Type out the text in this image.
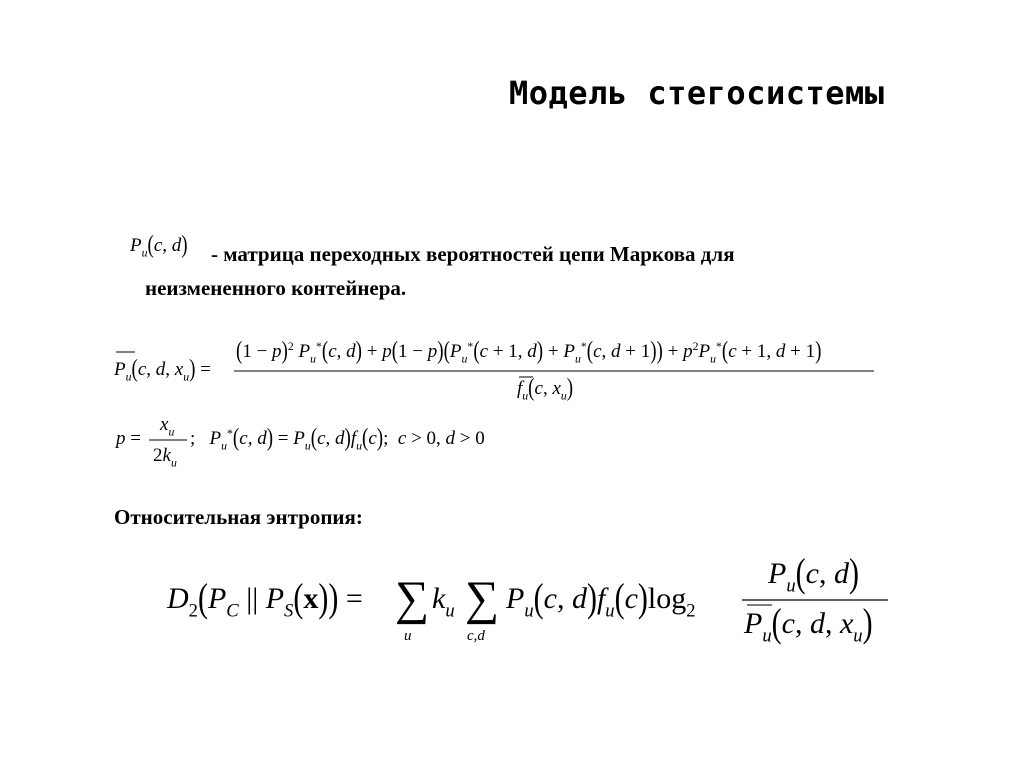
Модель стегосистемы
$P_u(c$, d) - матрица переходных вероятностей цепи Маркова для
неизмененного контейнера.
$P_u(c$, d, $x_u$) =
$(1 - p)^2$ $P_u^*(c$, $d) + p(1 - p)(P_u^*(c + 1$, $d) + P_u^*(c$, $d + 1)) + p^2P_u^*(c + 1$, d + 1)
$f_u(c$, $x_u$)
p =
$x_u$
$2k_u$
;   $P_u^*(c$, $d) = P_u(c$, $d)f_u(c)$;  c > 0, d > 0
Относительная энтропия:
$D_2(P_C$ || $P_S(x)$) = ∑
u
$k_u$ ∑
c,d
$P_u(c$, $d)f_u(c)\log_2$
$P_u(c$, d)
$P_u(c$, d, $x_u$)
